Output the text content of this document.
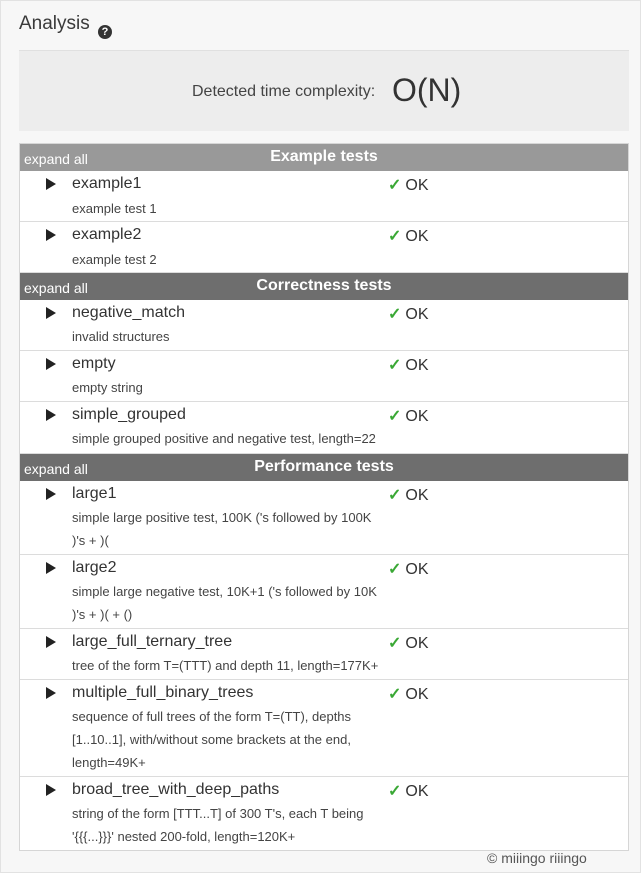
Analysis ?
Detected time complexity: O(N)
expand all	Example tests
example1
example test 1
✓ OK
example2
example test 2
✓ OK
expand all	Correctness tests
negative_match
invalid structures
✓ OK
empty
empty string
✓ OK
simple_grouped
simple grouped positive and negative test, length=22
✓ OK
expand all	Performance tests
large1
simple large positive test, 100K ('s followed by 100K )'s + )(
✓ OK
large2
simple large negative test, 10K+1 ('s followed by 10K )'s + )( + ()
✓ OK
large_full_ternary_tree
tree of the form T=(TTT) and depth 11, length=177K+
✓ OK
multiple_full_binary_trees
sequence of full trees of the form T=(TT), depths [1..10..1], with/without some brackets at the end, length=49K+
✓ OK
broad_tree_with_deep_paths
string of the form [TTT...T] of 300 T's, each T being '{{{...}}}' nested 200-fold, length=120K+
✓ OK
© miiingo riiingo
